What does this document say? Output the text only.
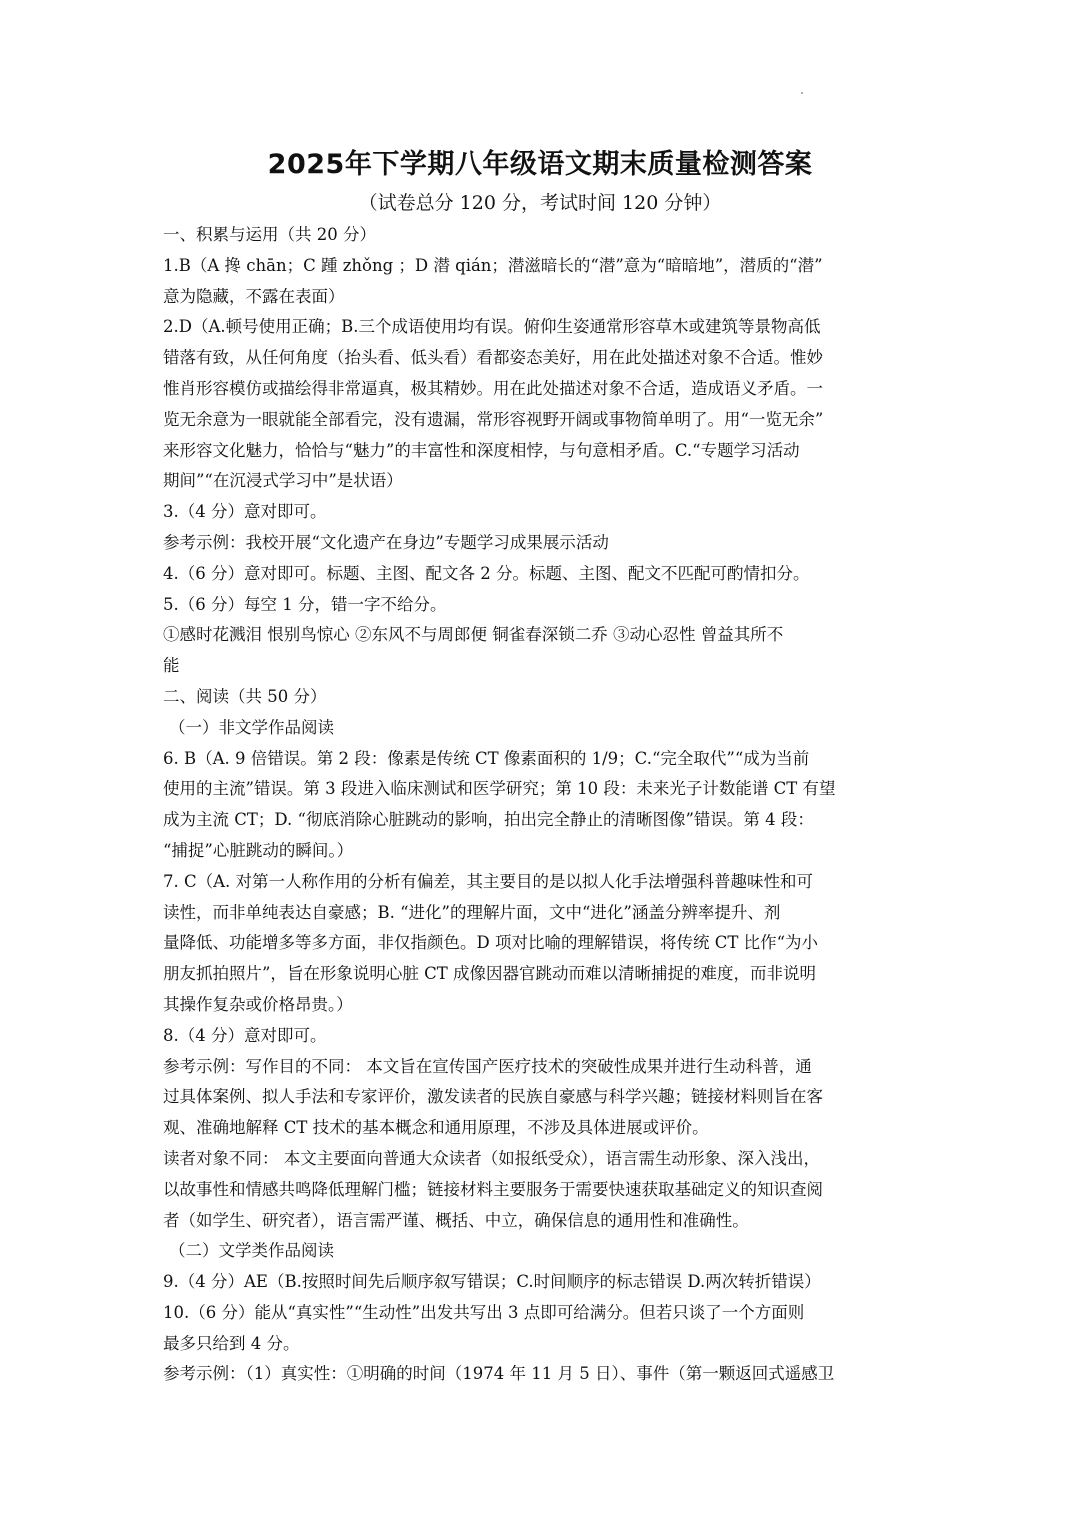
2025年下学期八年级语文期末质量检测答案
（试卷总分 120 分，考试时间 120 分钟）
一、积累与运用（共 20 分）
1.B（A 搀 chān；C 踵 zhǒng ；D 潜 qián；潜滋暗长的“潜”意为“暗暗地”，潜质的“潜”
意为隐藏，不露在表面）
2.D（A.顿号使用正确；B.三个成语使用均有误。俯仰生姿通常形容草木或建筑等景物高低
错落有致，从任何角度（抬头看、低头看）看都姿态美好，用在此处描述对象不合适。惟妙
惟肖形容模仿或描绘得非常逼真，极其精妙。用在此处描述对象不合适，造成语义矛盾。一
览无余意为一眼就能全部看完，没有遗漏，常形容视野开阔或事物简单明了。用“一览无余”
来形容文化魅力，恰恰与“魅力”的丰富性和深度相悖，与句意相矛盾。C.“专题学习活动
期间”“在沉浸式学习中”是状语）
3.（4 分）意对即可。
参考示例：我校开展“文化遗产在身边”专题学习成果展示活动
4.（6 分）意对即可。标题、主图、配文各 2 分。标题、主图、配文不匹配可酌情扣分。
5.（6 分）每空 1 分，错一字不给分。
①感时花溅泪 恨别鸟惊心 ②东风不与周郎便 铜雀春深锁二乔 ③动心忍性 曾益其所不
能
二、阅读（共 50 分）
（一）非文学作品阅读
6. B（A. 9 倍错误。第 2 段：像素是传统 CT 像素面积的 1/9；C.“完全取代”“成为当前
使用的主流”错误。第 3 段进入临床测试和医学研究；第 10 段：未来光子计数能谱 CT 有望
成为主流 CT；D. “彻底消除心脏跳动的影响，拍出完全静止的清晰图像”错误。第 4 段：
“捕捉”心脏跳动的瞬间。）
7. C（A. 对第一人称作用的分析有偏差，其主要目的是以拟人化手法增强科普趣味性和可
读性，而非单纯表达自豪感；B. “进化”的理解片面，文中“进化”涵盖分辨率提升、剂
量降低、功能增多等多方面，非仅指颜色。D 项对比喻的理解错误，将传统 CT 比作“为小
朋友抓拍照片”，旨在形象说明心脏 CT 成像因器官跳动而难以清晰捕捉的难度，而非说明
其操作复杂或价格昂贵。）
8.（4 分）意对即可。
参考示例：写作目的不同： 本文旨在宣传国产医疗技术的突破性成果并进行生动科普，通
过具体案例、拟人手法和专家评价，激发读者的民族自豪感与科学兴趣；链接材料则旨在客
观、准确地解释 CT 技术的基本概念和通用原理，不涉及具体进展或评价。
读者对象不同： 本文主要面向普通大众读者（如报纸受众），语言需生动形象、深入浅出，
以故事性和情感共鸣降低理解门槛；链接材料主要服务于需要快速获取基础定义的知识查阅
者（如学生、研究者），语言需严谨、概括、中立，确保信息的通用性和准确性。
（二）文学类作品阅读
9.（4 分）AE（B.按照时间先后顺序叙写错误；C.时间顺序的标志错误 D.两次转折错误）
10.（6 分）能从“真实性”“生动性”出发共写出 3 点即可给满分。但若只谈了一个方面则
最多只给到 4 分。
参考示例：（1）真实性：①明确的时间（1974 年 11 月 5 日）、事件（第一颗返回式遥感卫
